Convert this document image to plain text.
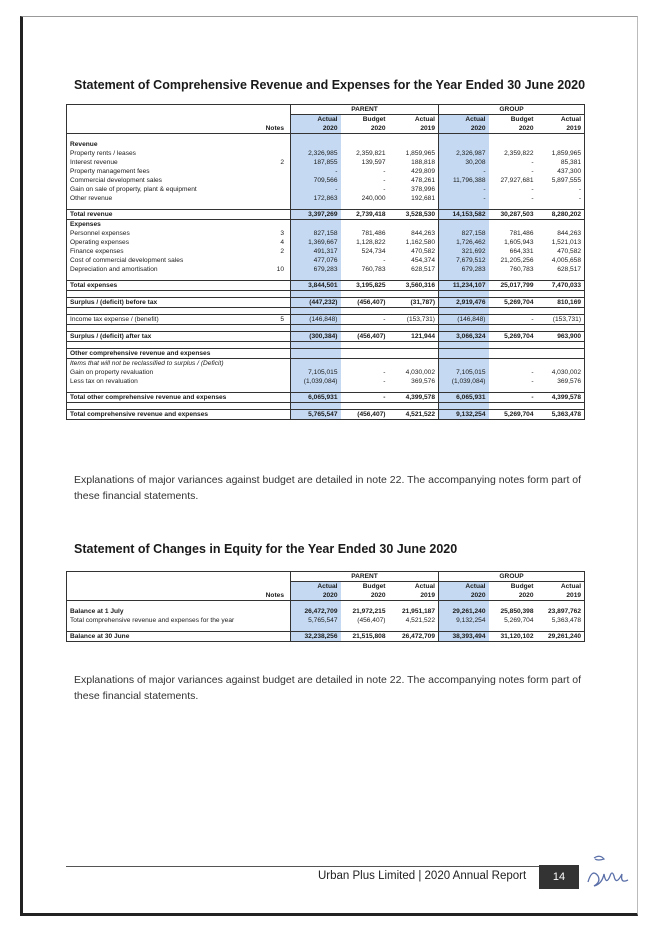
Statement of Comprehensive Revenue and Expenses for the Year Ended 30 June 2020
		PARENT			GROUP		
		Actual	Budget	Actual	Actual	Budget	Actual
	Notes	2020	2020	2019	2020	2020	2019

Revenue							
Property rents / leases		2,326,985	2,359,821	1,859,965	2,326,987	2,359,822	1,859,965
Interest revenue	2	187,855	139,597	188,818	30,208	-	85,381
Property management fees		-	-	429,809	-	-	437,300
Commercial development sales		709,566	-	478,261	11,796,388	27,927,681	5,897,555
Gain on sale of property, plant & equipment		-	-	378,996	-	-	-
Other revenue		172,863	240,000	192,681	-	-	-

Total revenue		3,397,269	2,739,418	3,528,530	14,153,582	30,287,503	8,280,202
Expenses							
Personnel expenses	3	827,158	781,486	844,263	827,158	781,486	844,263
Operating expenses	4	1,369,667	1,128,822	1,162,580	1,726,462	1,605,943	1,521,013
Finance expenses	2	491,317	524,734	470,582	321,692	664,331	470,582
Cost of commercial development sales		477,076	-	454,374	7,679,512	21,205,256	4,005,658
Depreciation and amortisation	10	679,283	760,783	628,517	679,283	760,783	628,517

Total expenses		3,844,501	3,195,825	3,560,316	11,234,107	25,017,799	7,470,033

Surplus / (deficit) before tax		(447,232)	(456,407)	(31,787)	2,919,476	5,269,704	810,169

Income tax expense / (benefit)	5	(146,848)	-	(153,731)	(146,848)	-	(153,731)

Surplus / (deficit) after tax		(300,384)	(456,407)	121,944	3,066,324	5,269,704	963,900

Other comprehensive revenue and expenses							
Items that will not be reclassified to surplus / (Deficit)							
Gain on property revaluation		7,105,015	-	4,030,002	7,105,015	-	4,030,002
Less tax on revaluation		(1,039,084)	-	369,576	(1,039,084)	-	369,576

Total other comprehensive revenue and expenses		6,065,931	-	4,399,578	6,065,931	-	4,399,578

Total comprehensive revenue and expenses		5,765,547	(456,407)	4,521,522	9,132,254	5,269,704	5,363,478
Explanations of major variances against budget are detailed in note 22. The accompanying notes form part of these financial statements.
Statement of Changes in Equity for the Year Ended 30 June 2020
		PARENT			GROUP		
		Actual	Budget	Actual	Actual	Budget	Actual
	Notes	2020	2020	2019	2020	2020	2019

Balance at 1 July		26,472,709	21,972,215	21,951,187	29,261,240	25,850,398	23,897,762
Total comprehensive revenue and expenses for the year		5,765,547	(456,407)	4,521,522	9,132,254	5,269,704	5,363,478

Balance at 30 June		32,238,256	21,515,808	26,472,709	38,393,494	31,120,102	29,261,240
Explanations of major variances against budget are detailed in note 22. The accompanying notes form part of these financial statements.
Urban Plus Limited | 2020 Annual Report	14
